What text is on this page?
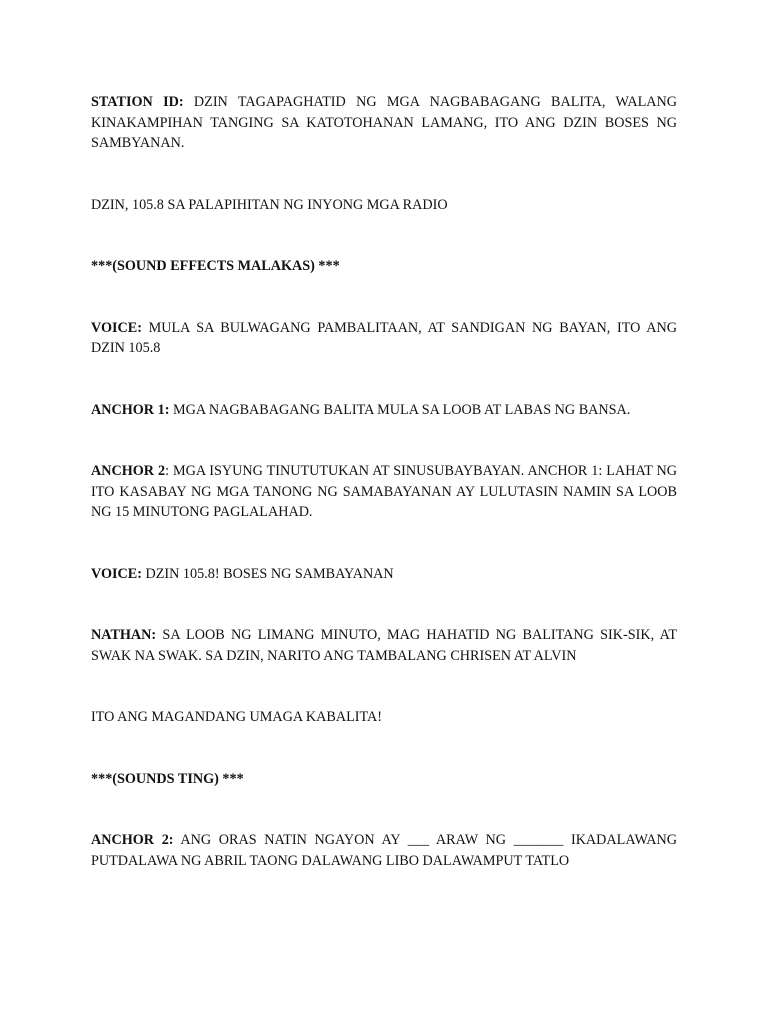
STATION ID: DZIN TAGAPAGHATID NG MGA NAGBABAGANG BALITA, WALANG KINAKAMPIHAN TANGING SA KATOTOHANAN LAMANG, ITO ANG DZIN BOSES NG SAMBYANAN.

DZIN, 105.8 SA PALAPIHITAN NG INYONG MGA RADIO

***(SOUND EFFECTS MALAKAS) ***

VOICE: MULA SA BULWAGANG PAMBALITAAN, AT SANDIGAN NG BAYAN, ITO ANG DZIN 105.8

ANCHOR 1: MGA NAGBABAGANG BALITA MULA SA LOOB AT LABAS NG BANSA.

ANCHOR 2: MGA ISYUNG TINUTUTUKAN AT SINUSUBAYBAYAN. ANCHOR 1: LAHAT NG ITO KASABAY NG MGA TANONG NG SAMABAYANAN AY LULUTASIN NAMIN SA LOOB NG 15 MINUTONG PAGLALAHAD.

VOICE: DZIN 105.8! BOSES NG SAMBAYANAN

NATHAN: SA LOOB NG LIMANG MINUTO, MAG HAHATID NG BALITANG SIK-SIK, AT SWAK NA SWAK. SA DZIN, NARITO ANG TAMBALANG CHRISEN AT ALVIN

ITO ANG MAGANDANG UMAGA KABALITA!

***(SOUNDS TING) ***

ANCHOR 2: ANG ORAS NATIN NGAYON AY ___ ARAW NG _______ IKADALAWANG PUTDALAWA NG ABRIL TAONG DALAWANG LIBO DALAWAMPUT TATLO
